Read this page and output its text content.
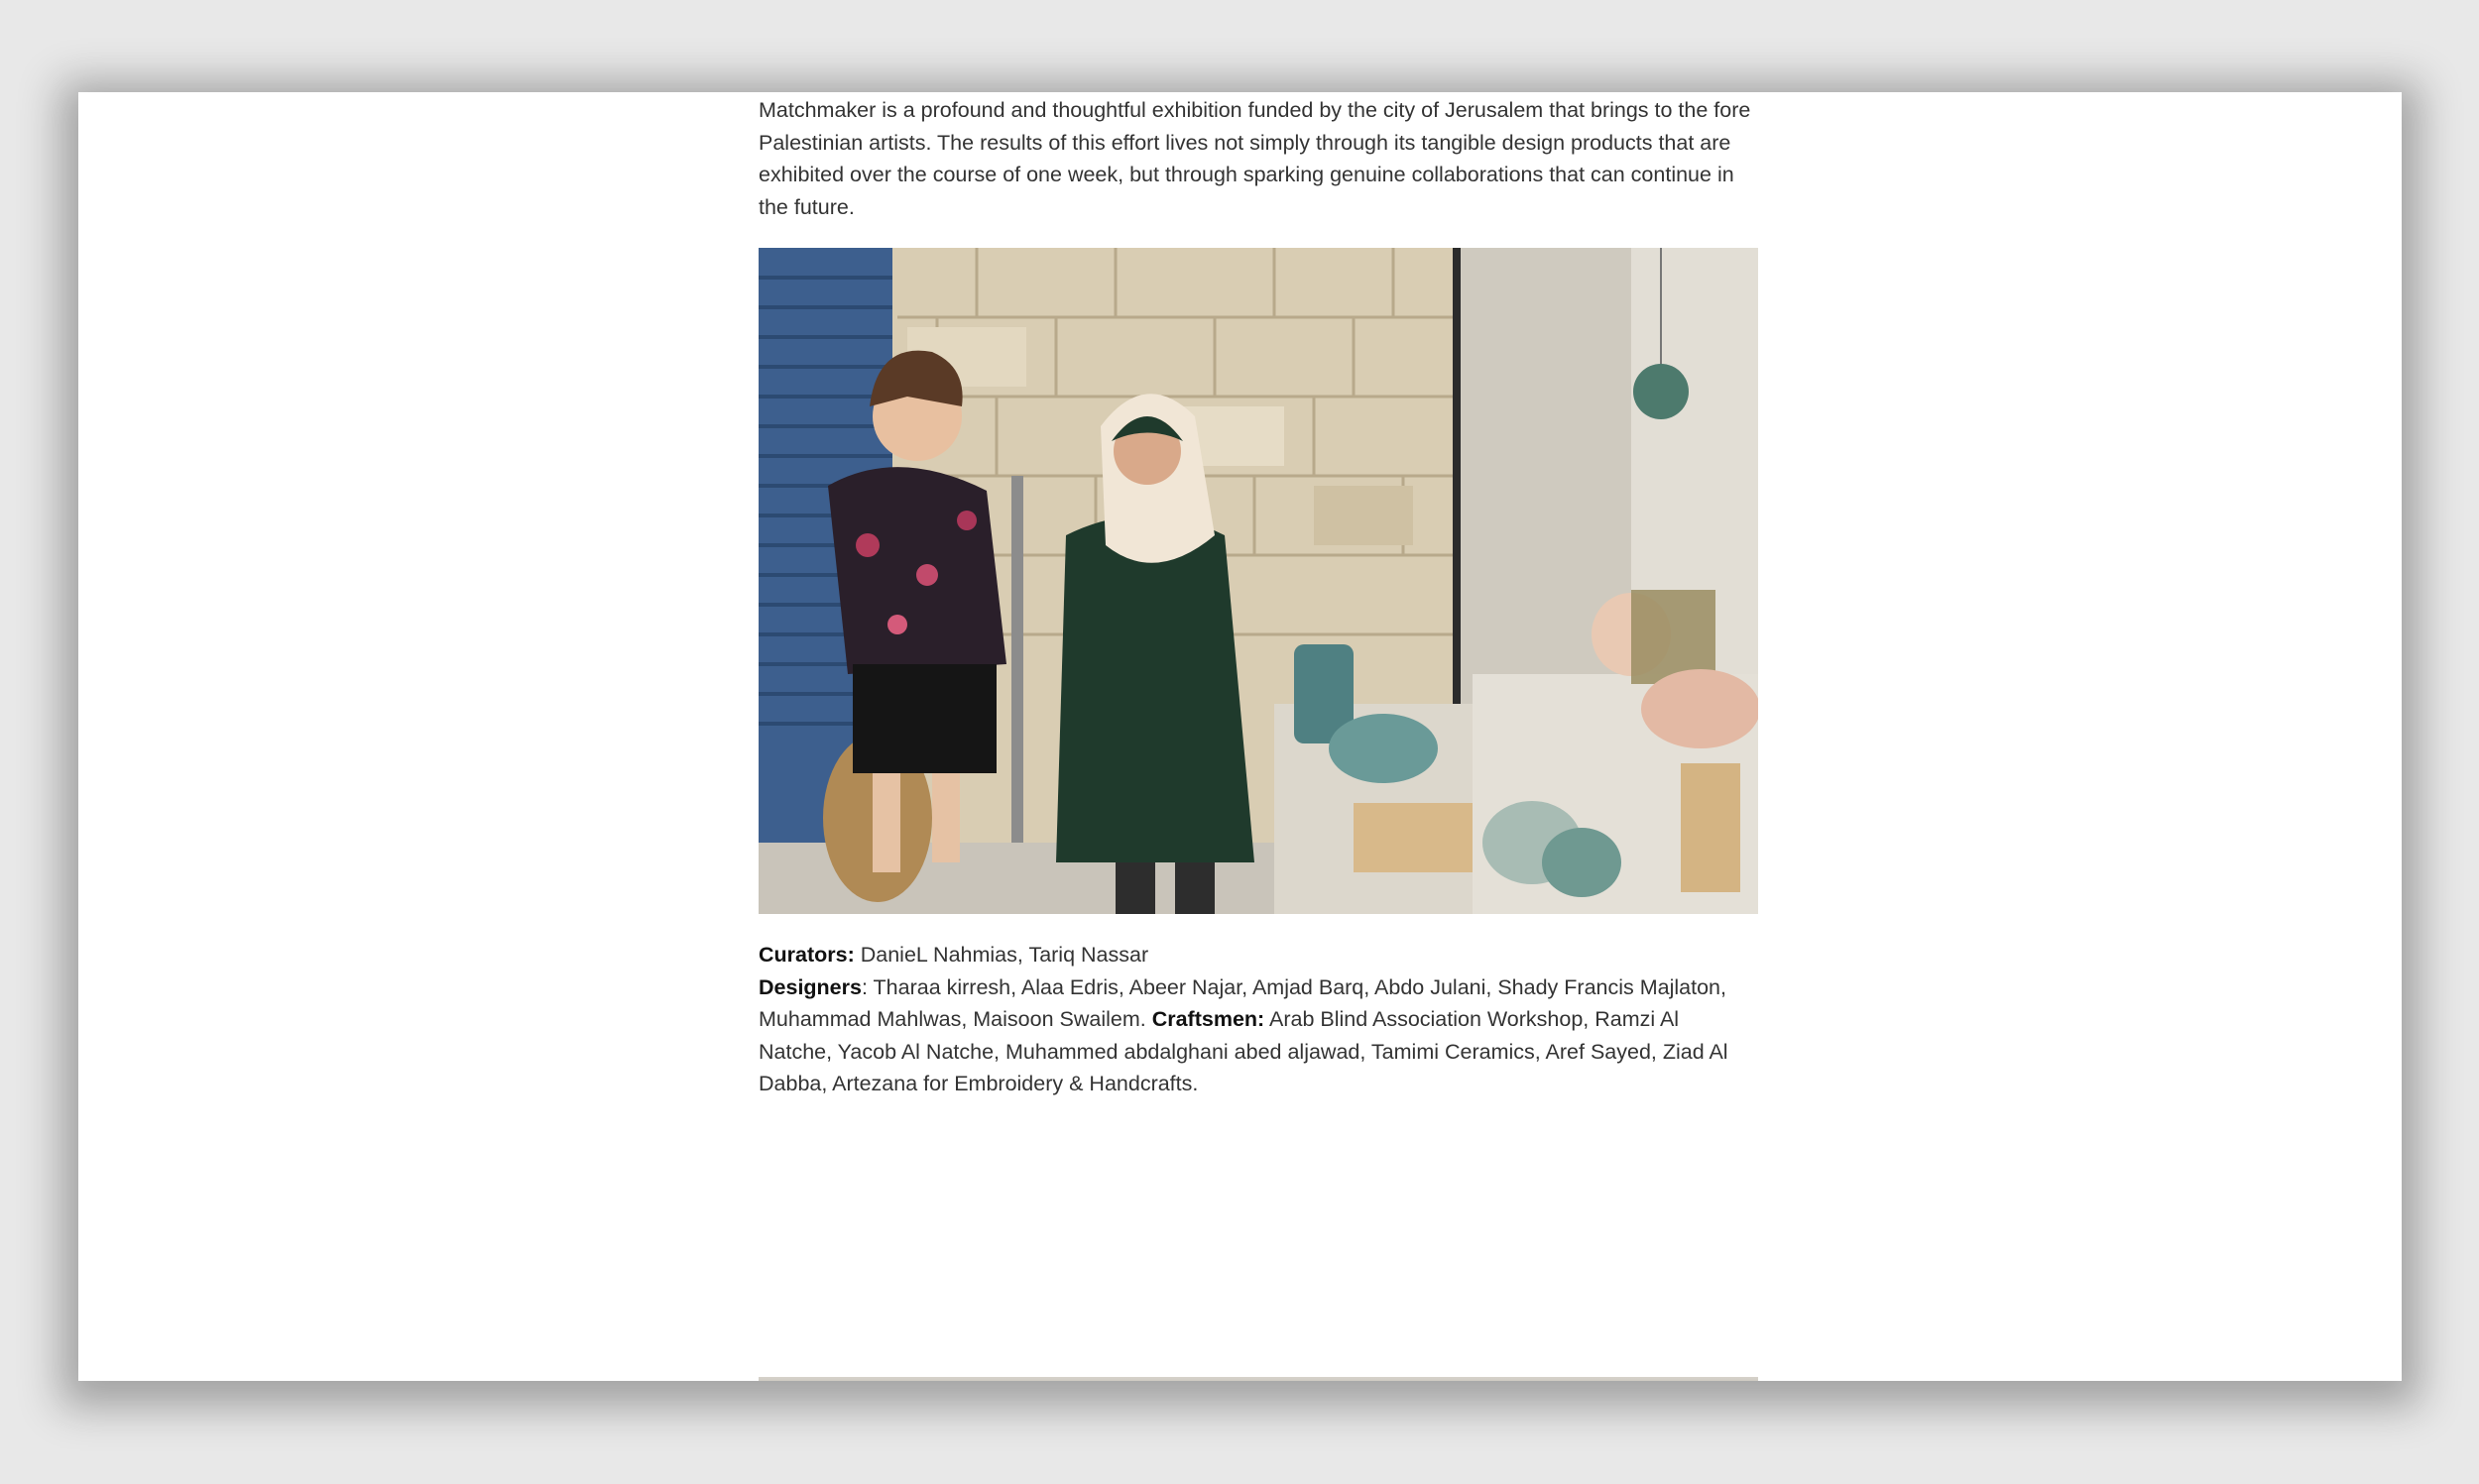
Matchmaker is a profound and thoughtful exhibition funded by the city of Jerusalem that brings to the fore Palestinian artists. The results of this effort lives not simply through its tangible design products that are exhibited over the course of one week, but through sparking genuine collaborations that can continue in the future.

Curators: DanieL Nahmias, Tariq Nassar
Designers: Tharaa kirresh, Alaa Edris, Abeer Najar, Amjad Barq, Abdo Julani, Shady Francis Majlaton, Muhammad Mahlwas, Maisoon Swailem. Craftsmen: Arab Blind Association Workshop, Ramzi Al Natche, Yacob Al Natche, Muhammed abdalghani abed aljawad, Tamimi Ceramics, Aref Sayed, Ziad Al Dabba, Artezana for Embroidery & Handcrafts.
